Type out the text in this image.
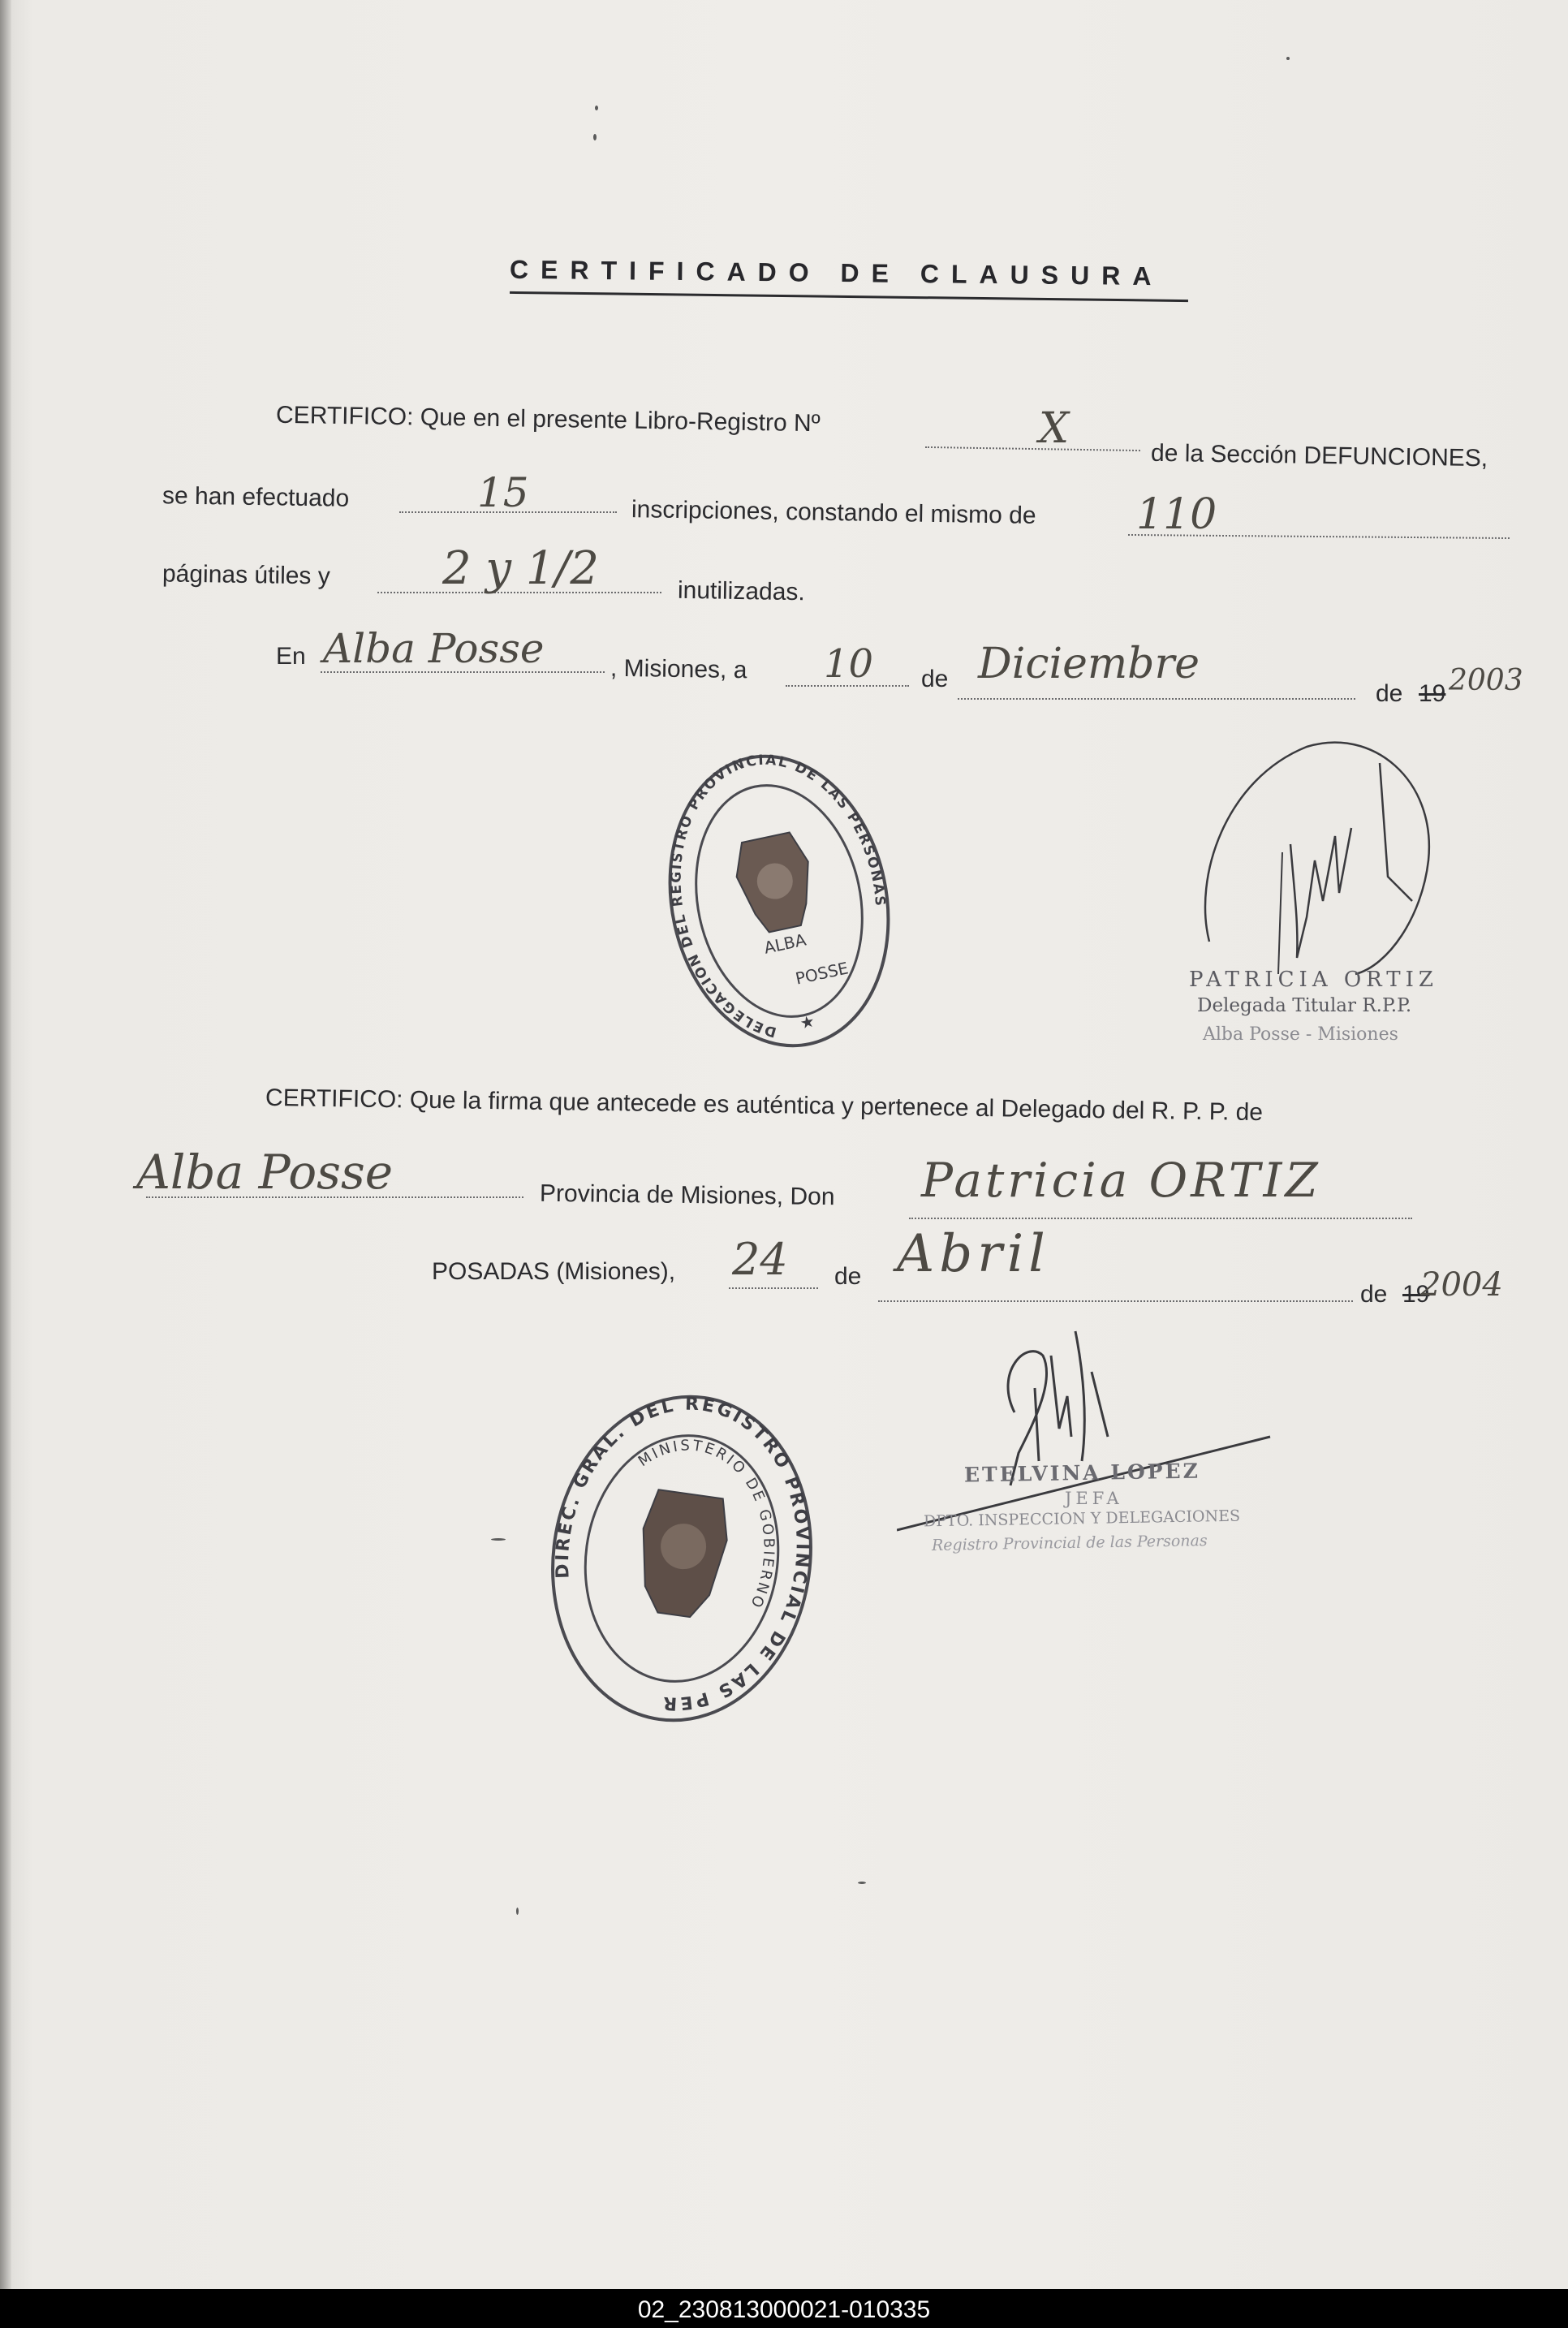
CERTIFICADO DE CLAUSURA
CERTIFICO: Que en el presente Libro-Registro Nº	X
de la Sección DEFUNCIONES,
se han efectuado	15	inscripciones, constando el mismo de 110
páginas útiles y 2 y 1/2	inutilizadas.
En Alba Posse	, Misiones, a 10 de Diciembre
de 19 2003
DELEGACION DEL REGISTRO PROVINCIAL DE LAS PERSONAS
ALBA
POSSE
★
PATRICIA ORTIZ
Delegada Titular R.P.P.
Alba Posse - Misiones
CERTIFICO: Que la firma que antecede es auténtica y pertenece al Delegado del R. P. P. de
Alba Posse	Provincia de Misiones, Don Patricia ORTIZ
POSADAS (Misiones), 24 de Abril
de 19
2004
DIREC. GRAL. DEL REGISTRO PROVINCIAL DE LAS PERSONAS
MINISTERIO DE GOBIERNO
ETELVINA LOPEZ
JEFA
DPTO. INSPECCION Y DELEGACIONES
Registro Provincial de las Personas
02_230813000021-010335
